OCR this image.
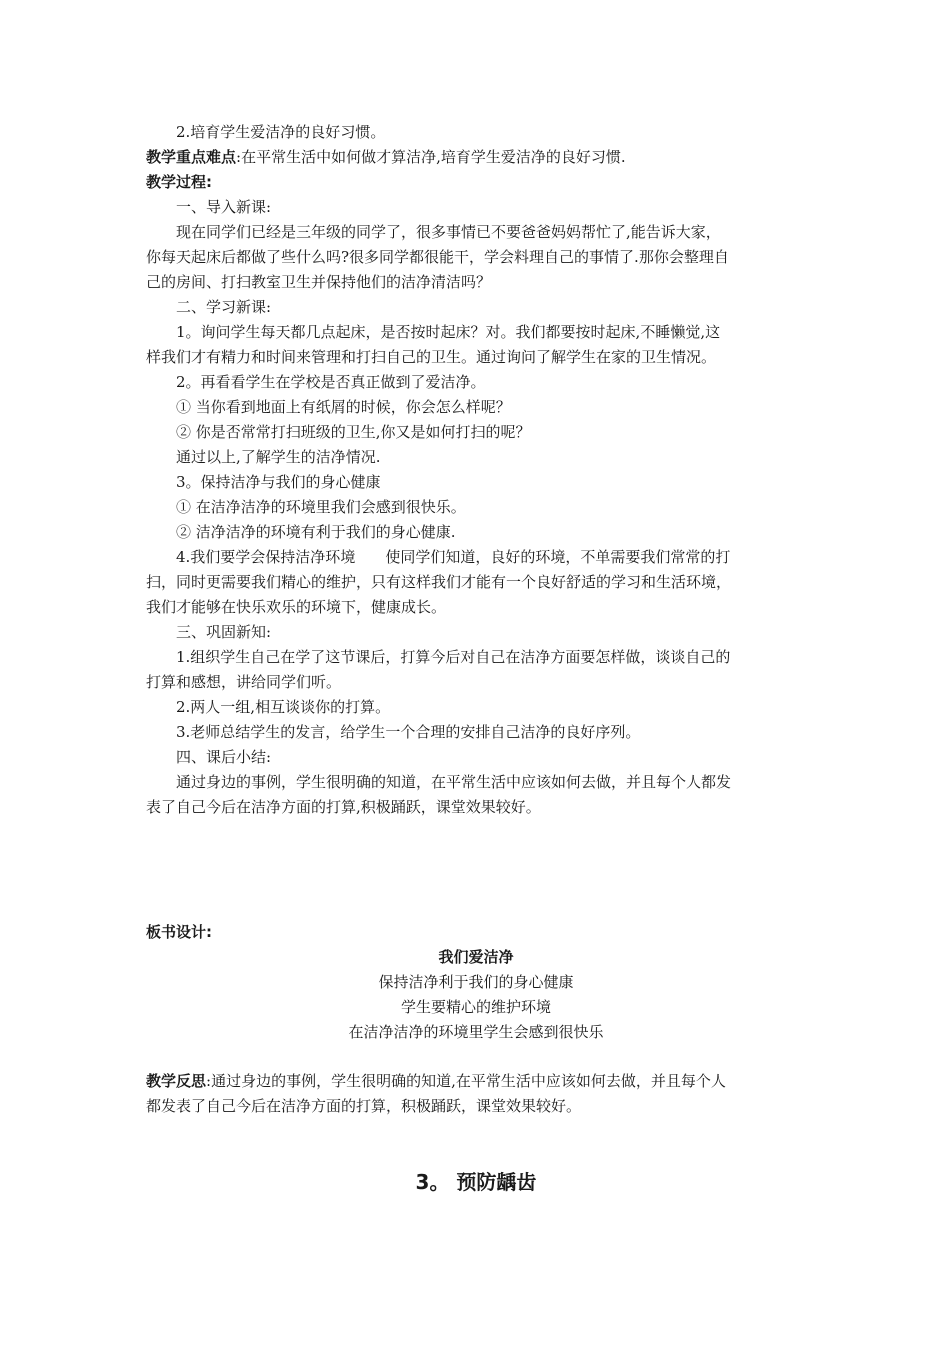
2.培育学生爱洁净的良好习惯。

教学重点难点:在平常生活中如何做才算洁净,培育学生爱洁净的良好习惯.

教学过程:

一、导入新课:

现在同学们已经是三年级的同学了，很多事情已不要爸爸妈妈帮忙了,能告诉大家，

你每天起床后都做了些什么吗?很多同学都很能干，学会料理自己的事情了.那你会整理自

己的房间、打扫教室卫生并保持他们的洁净清洁吗？

二、学习新课:

1。询问学生每天都几点起床，是否按时起床？对。我们都要按时起床,不睡懒觉,这

样我们才有精力和时间来管理和打扫自己的卫生。通过询问了解学生在家的卫生情况。

2。再看看学生在学校是否真正做到了爱洁净。

① 当你看到地面上有纸屑的时候，你会怎么样呢？

② 你是否常常打扫班级的卫生,你又是如何打扫的呢？

通过以上,了解学生的洁净情况.

3。保持洁净与我们的身心健康

① 在洁净洁净的环境里我们会感到很快乐。

② 洁净洁净的环境有利于我们的身心健康.

4.我们要学会保持洁净环境　　使同学们知道，良好的环境，不单需要我们常常的打

扫，同时更需要我们精心的维护，只有这样我们才能有一个良好舒适的学习和生活环境，

我们才能够在快乐欢乐的环境下，健康成长。

三、巩固新知:

1.组织学生自己在学了这节课后，打算今后对自己在洁净方面要怎样做，谈谈自己的

打算和感想，讲给同学们听。

2.两人一组,相互谈谈你的打算。

3.老师总结学生的发言，给学生一个合理的安排自己洁净的良好序列。

四、课后小结:

通过身边的事例，学生很明确的知道，在平常生活中应该如何去做，并且每个人都发

表了自己今后在洁净方面的打算,积极踊跃，课堂效果较好。

板书设计:

我们爱洁净

保持洁净利于我们的身心健康

学生要精心的维护环境

在洁净洁净的环境里学生会感到很快乐

教学反思:通过身边的事例，学生很明确的知道,在平常生活中应该如何去做，并且每个人

都发表了自己今后在洁净方面的打算，积极踊跃，课堂效果较好。

3。 预防龋齿
